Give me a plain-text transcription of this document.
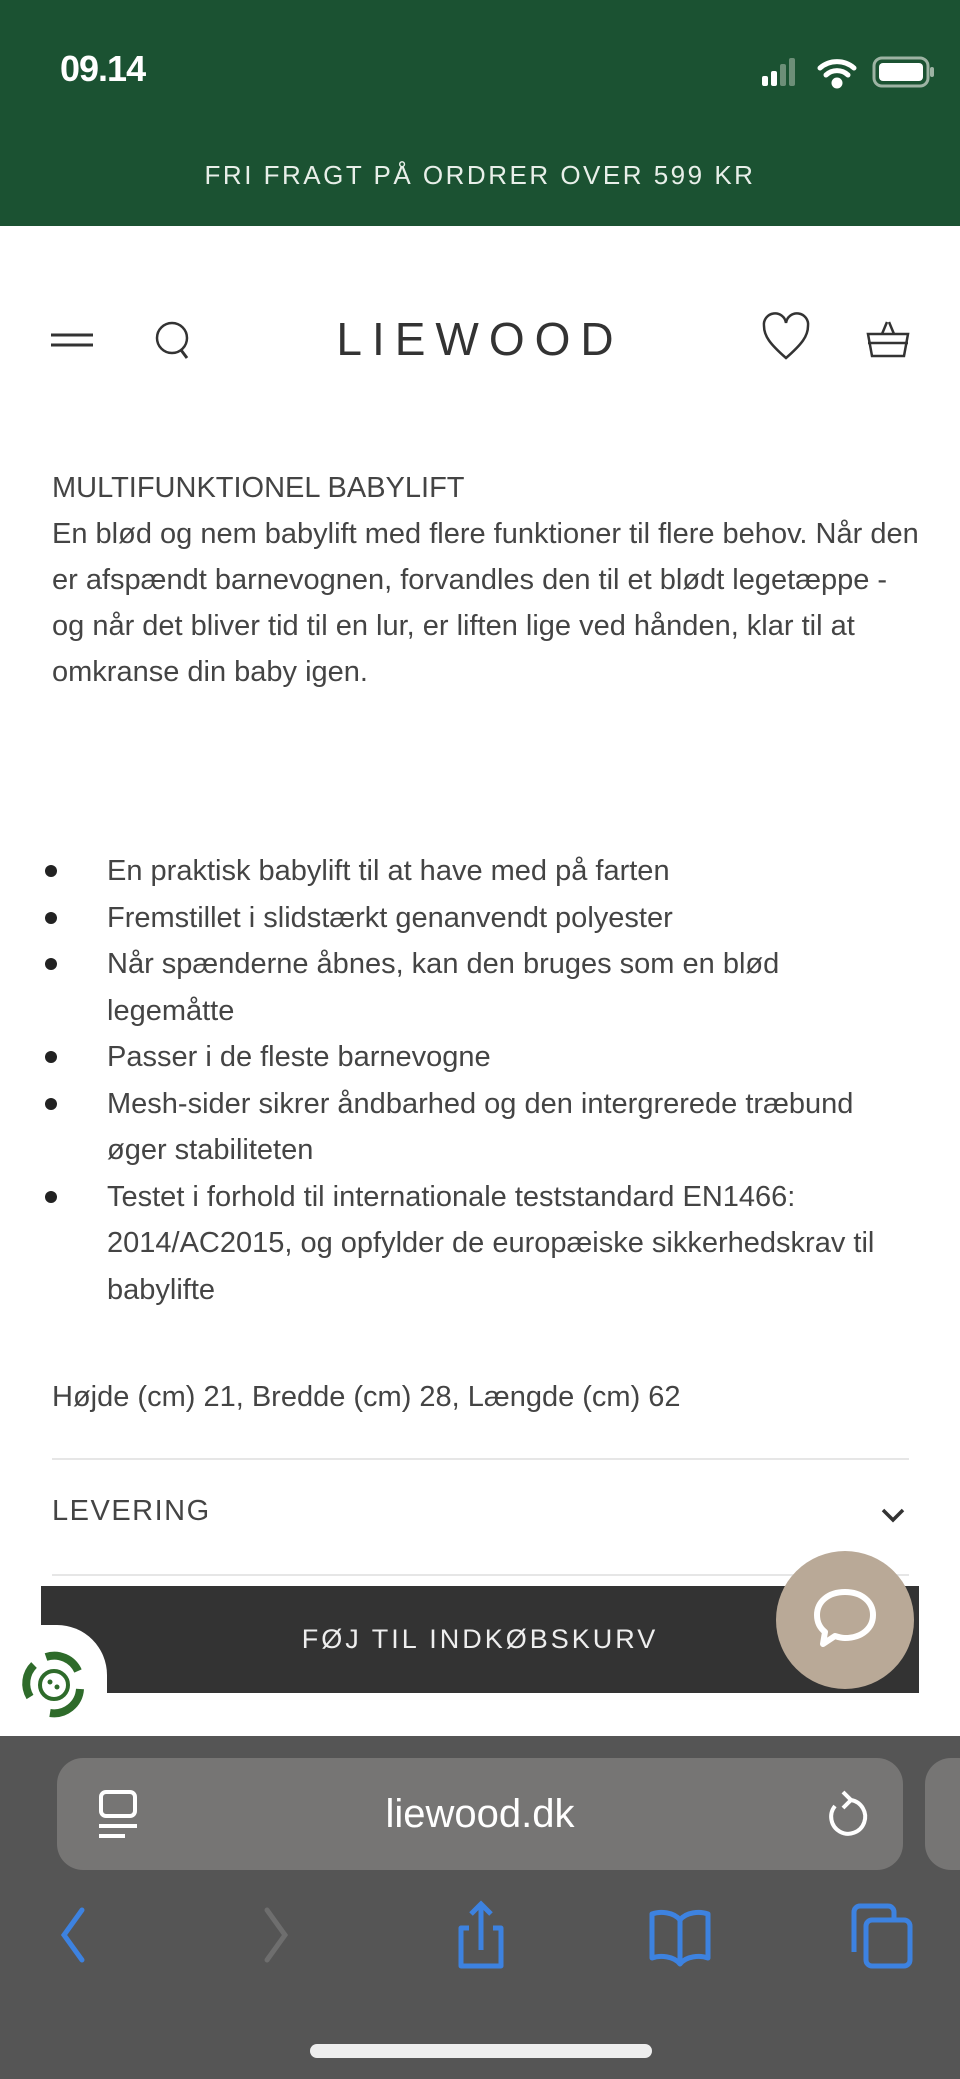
09.14
FRI FRAGT PÅ ORDRER OVER 599 KR
LIEWOOD
MULTIFUNKTIONEL BABYLIFT
En blød og nem babylift med flere funktioner til flere behov. Når den er afspændt barnevognen, forvandles den til et blødt legetæppe - og når det bliver tid til en lur, er liften lige ved hånden, klar til at omkranse din baby igen.
En praktisk babylift til at have med på farten
Fremstillet i slidstærkt genanvendt polyester
Når spænderne åbnes, kan den bruges som en blød legemåtte
Passer i de fleste barnevogne
Mesh-sider sikrer åndbarhed og den intergrerede træbund øger stabiliteten
Testet i forhold til internationale teststandard EN1466: 2014/AC2015, og opfylder de europæiske sikkerhedskrav til babylifte
Højde (cm) 21, Bredde (cm) 28, Længde (cm) 62
LEVERING
FØJ TIL INDKØBSKURV
liewood.dk
